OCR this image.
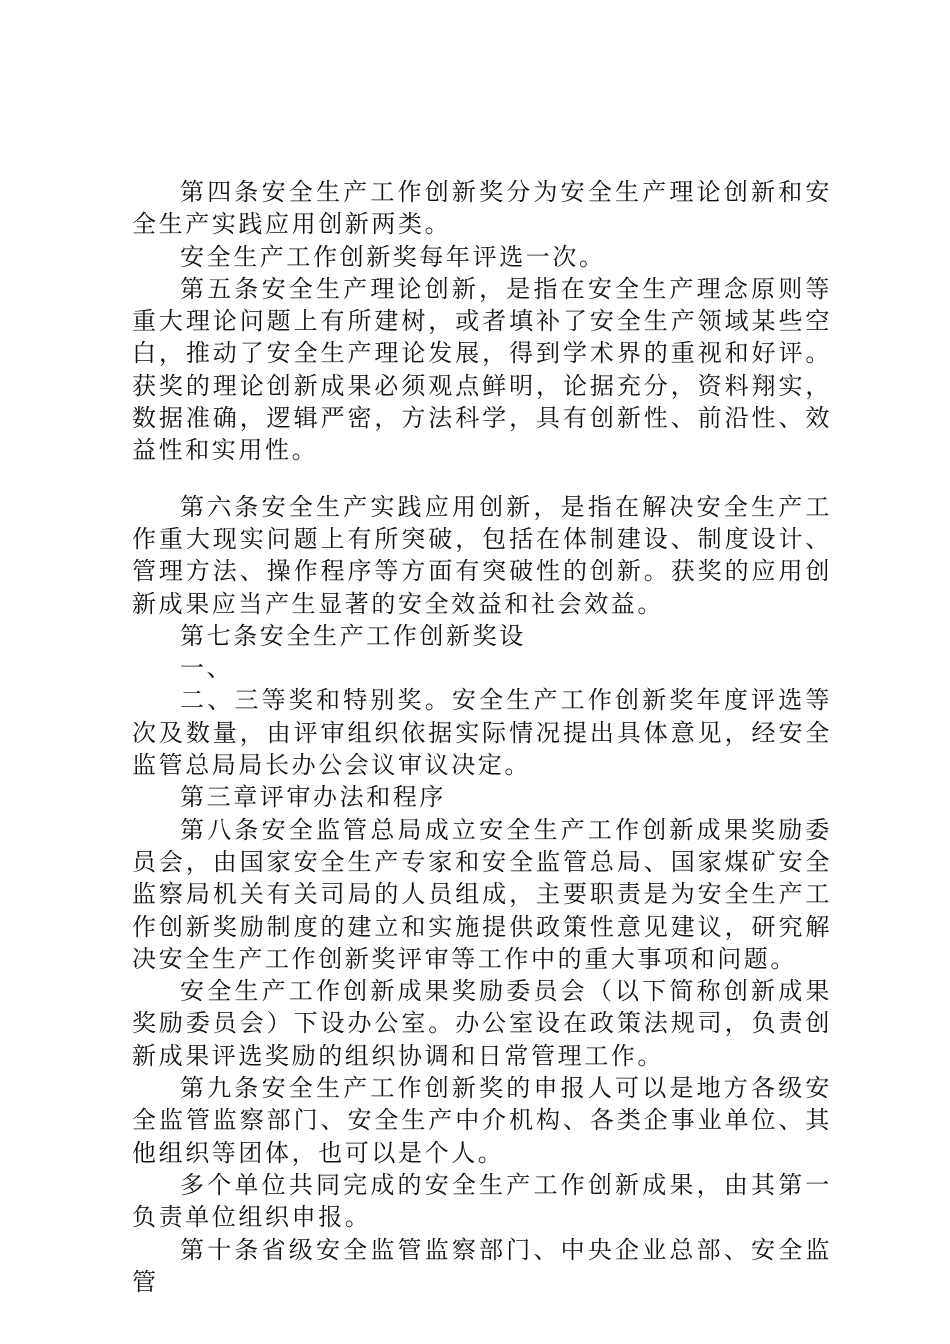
第四条安全生产工作创新奖分为安全生产理论创新和安全生产实践应用创新两类。

安全生产工作创新奖每年评选一次。

第五条安全生产理论创新，是指在安全生产理念原则等重大理论问题上有所建树，或者填补了安全生产领域某些空白，推动了安全生产理论发展，得到学术界的重视和好评。获奖的理论创新成果必须观点鲜明，论据充分，资料翔实，数据准确，逻辑严密，方法科学，具有创新性、前沿性、效益性和实用性。

第六条安全生产实践应用创新，是指在解决安全生产工作重大现实问题上有所突破，包括在体制建设、制度设计、管理方法、操作程序等方面有突破性的创新。获奖的应用创新成果应当产生显著的安全效益和社会效益。

第七条安全生产工作创新奖设

一、

二、三等奖和特别奖。安全生产工作创新奖年度评选等次及数量，由评审组织依据实际情况提出具体意见，经安全监管总局局长办公会议审议决定。

第三章评审办法和程序

第八条安全监管总局成立安全生产工作创新成果奖励委员会，由国家安全生产专家和安全监管总局、国家煤矿安全监察局机关有关司局的人员组成，主要职责是为安全生产工作创新奖励制度的建立和实施提供政策性意见建议，研究解决安全生产工作创新奖评审等工作中的重大事项和问题。

安全生产工作创新成果奖励委员会（以下简称创新成果奖励委员会）下设办公室。办公室设在政策法规司，负责创新成果评选奖励的组织协调和日常管理工作。

第九条安全生产工作创新奖的申报人可以是地方各级安全监管监察部门、安全生产中介机构、各类企事业单位、其他组织等团体，也可以是个人。

多个单位共同完成的安全生产工作创新成果，由其第一负责单位组织申报。

第十条省级安全监管监察部门、中央企业总部、安全监管
